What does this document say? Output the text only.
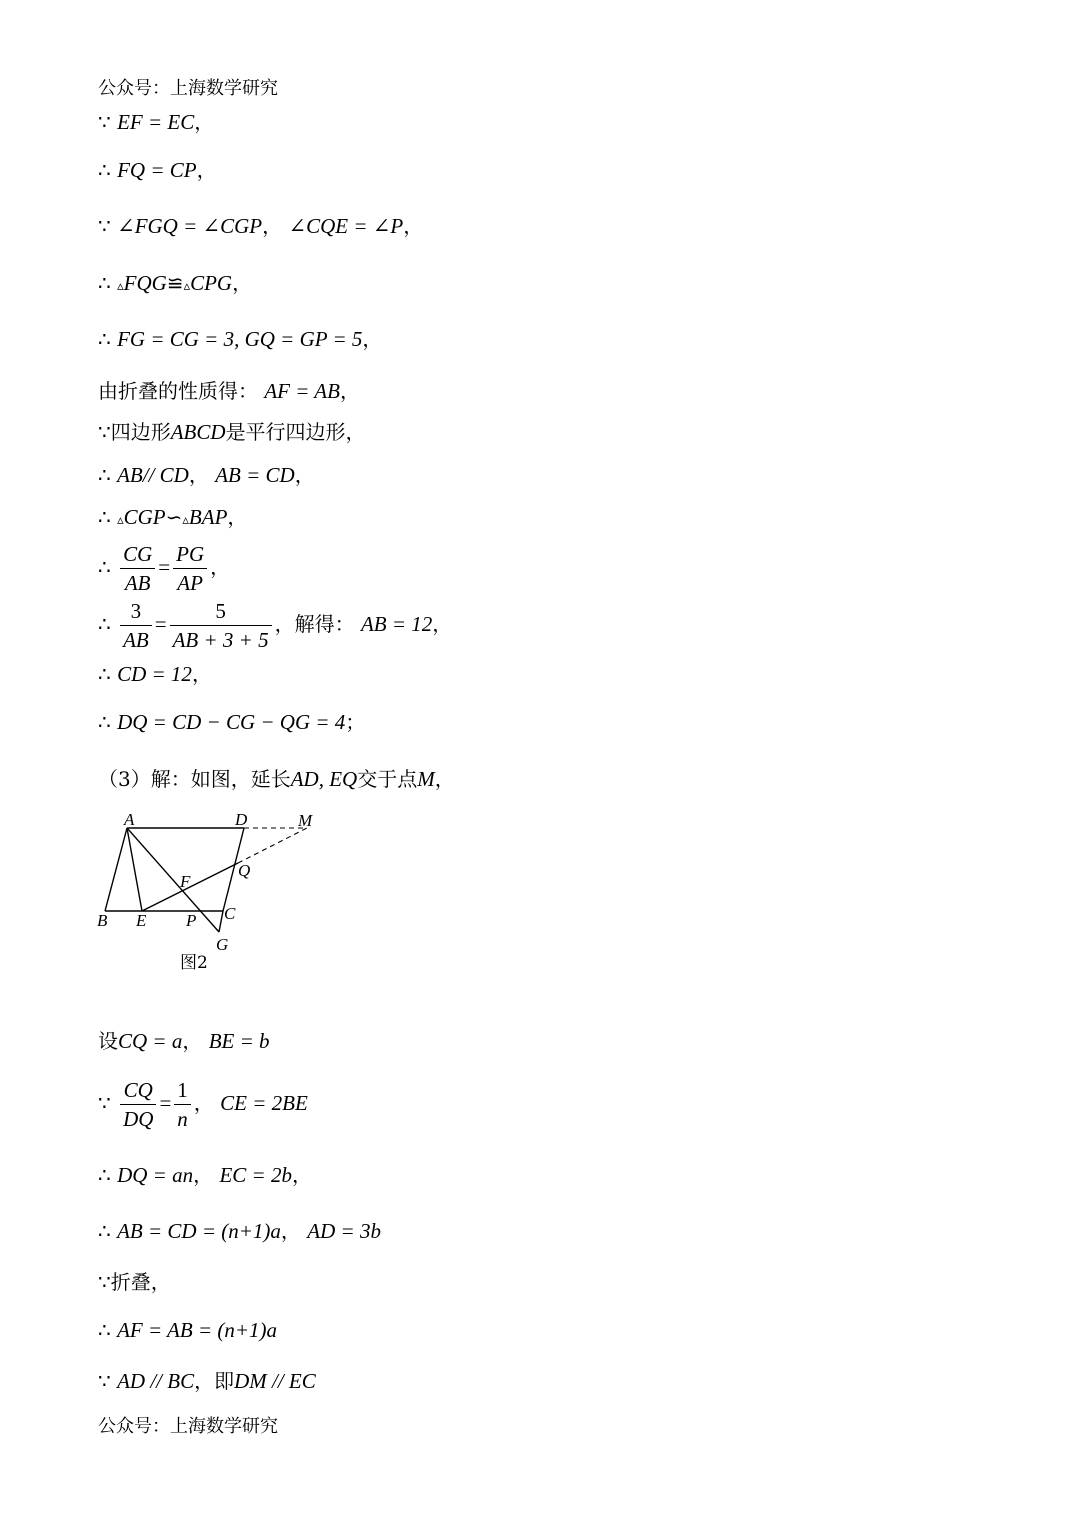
公众号：上海数学研究
∵ EF = EC，
∴ FQ = CP，
∵ ∠FGQ = ∠CGP， ∠CQE = ∠P，
∴ ▵FQG≌▵CPG，
∴ FG = CG = 3, GQ = GP = 5，
由折叠的性质得： AF = AB，
∵四边形ABCD是平行四边形，
∴ AB// CD， AB = CD，
∴ ▵CGP∽▵BAP，
∴ $\frac{CG}{AB} = \frac{PG}{AP}$ ，
∴ $\frac{3}{AB} = \frac{5}{AB + 3 + 5}$ ，解得： AB = 12，
∴ CD = 12，
∴ DQ = CD − CG − QG = 4；
（3）解：如图，延长AD, EQ交于点M，
A	D	M
Q
F
B E P C
G
图2
设CQ = a， BE = b
∵ $\frac{CQ}{DQ} = \frac{1}{n}$ ， CE = 2BE
∴ DQ = an， EC = 2b，
∴ AB = CD = (n+1)a， AD = 3b
∵折叠，
∴ AF = AB = (n+1)a
∵ AD // BC，即DM // EC
公众号：上海数学研究
